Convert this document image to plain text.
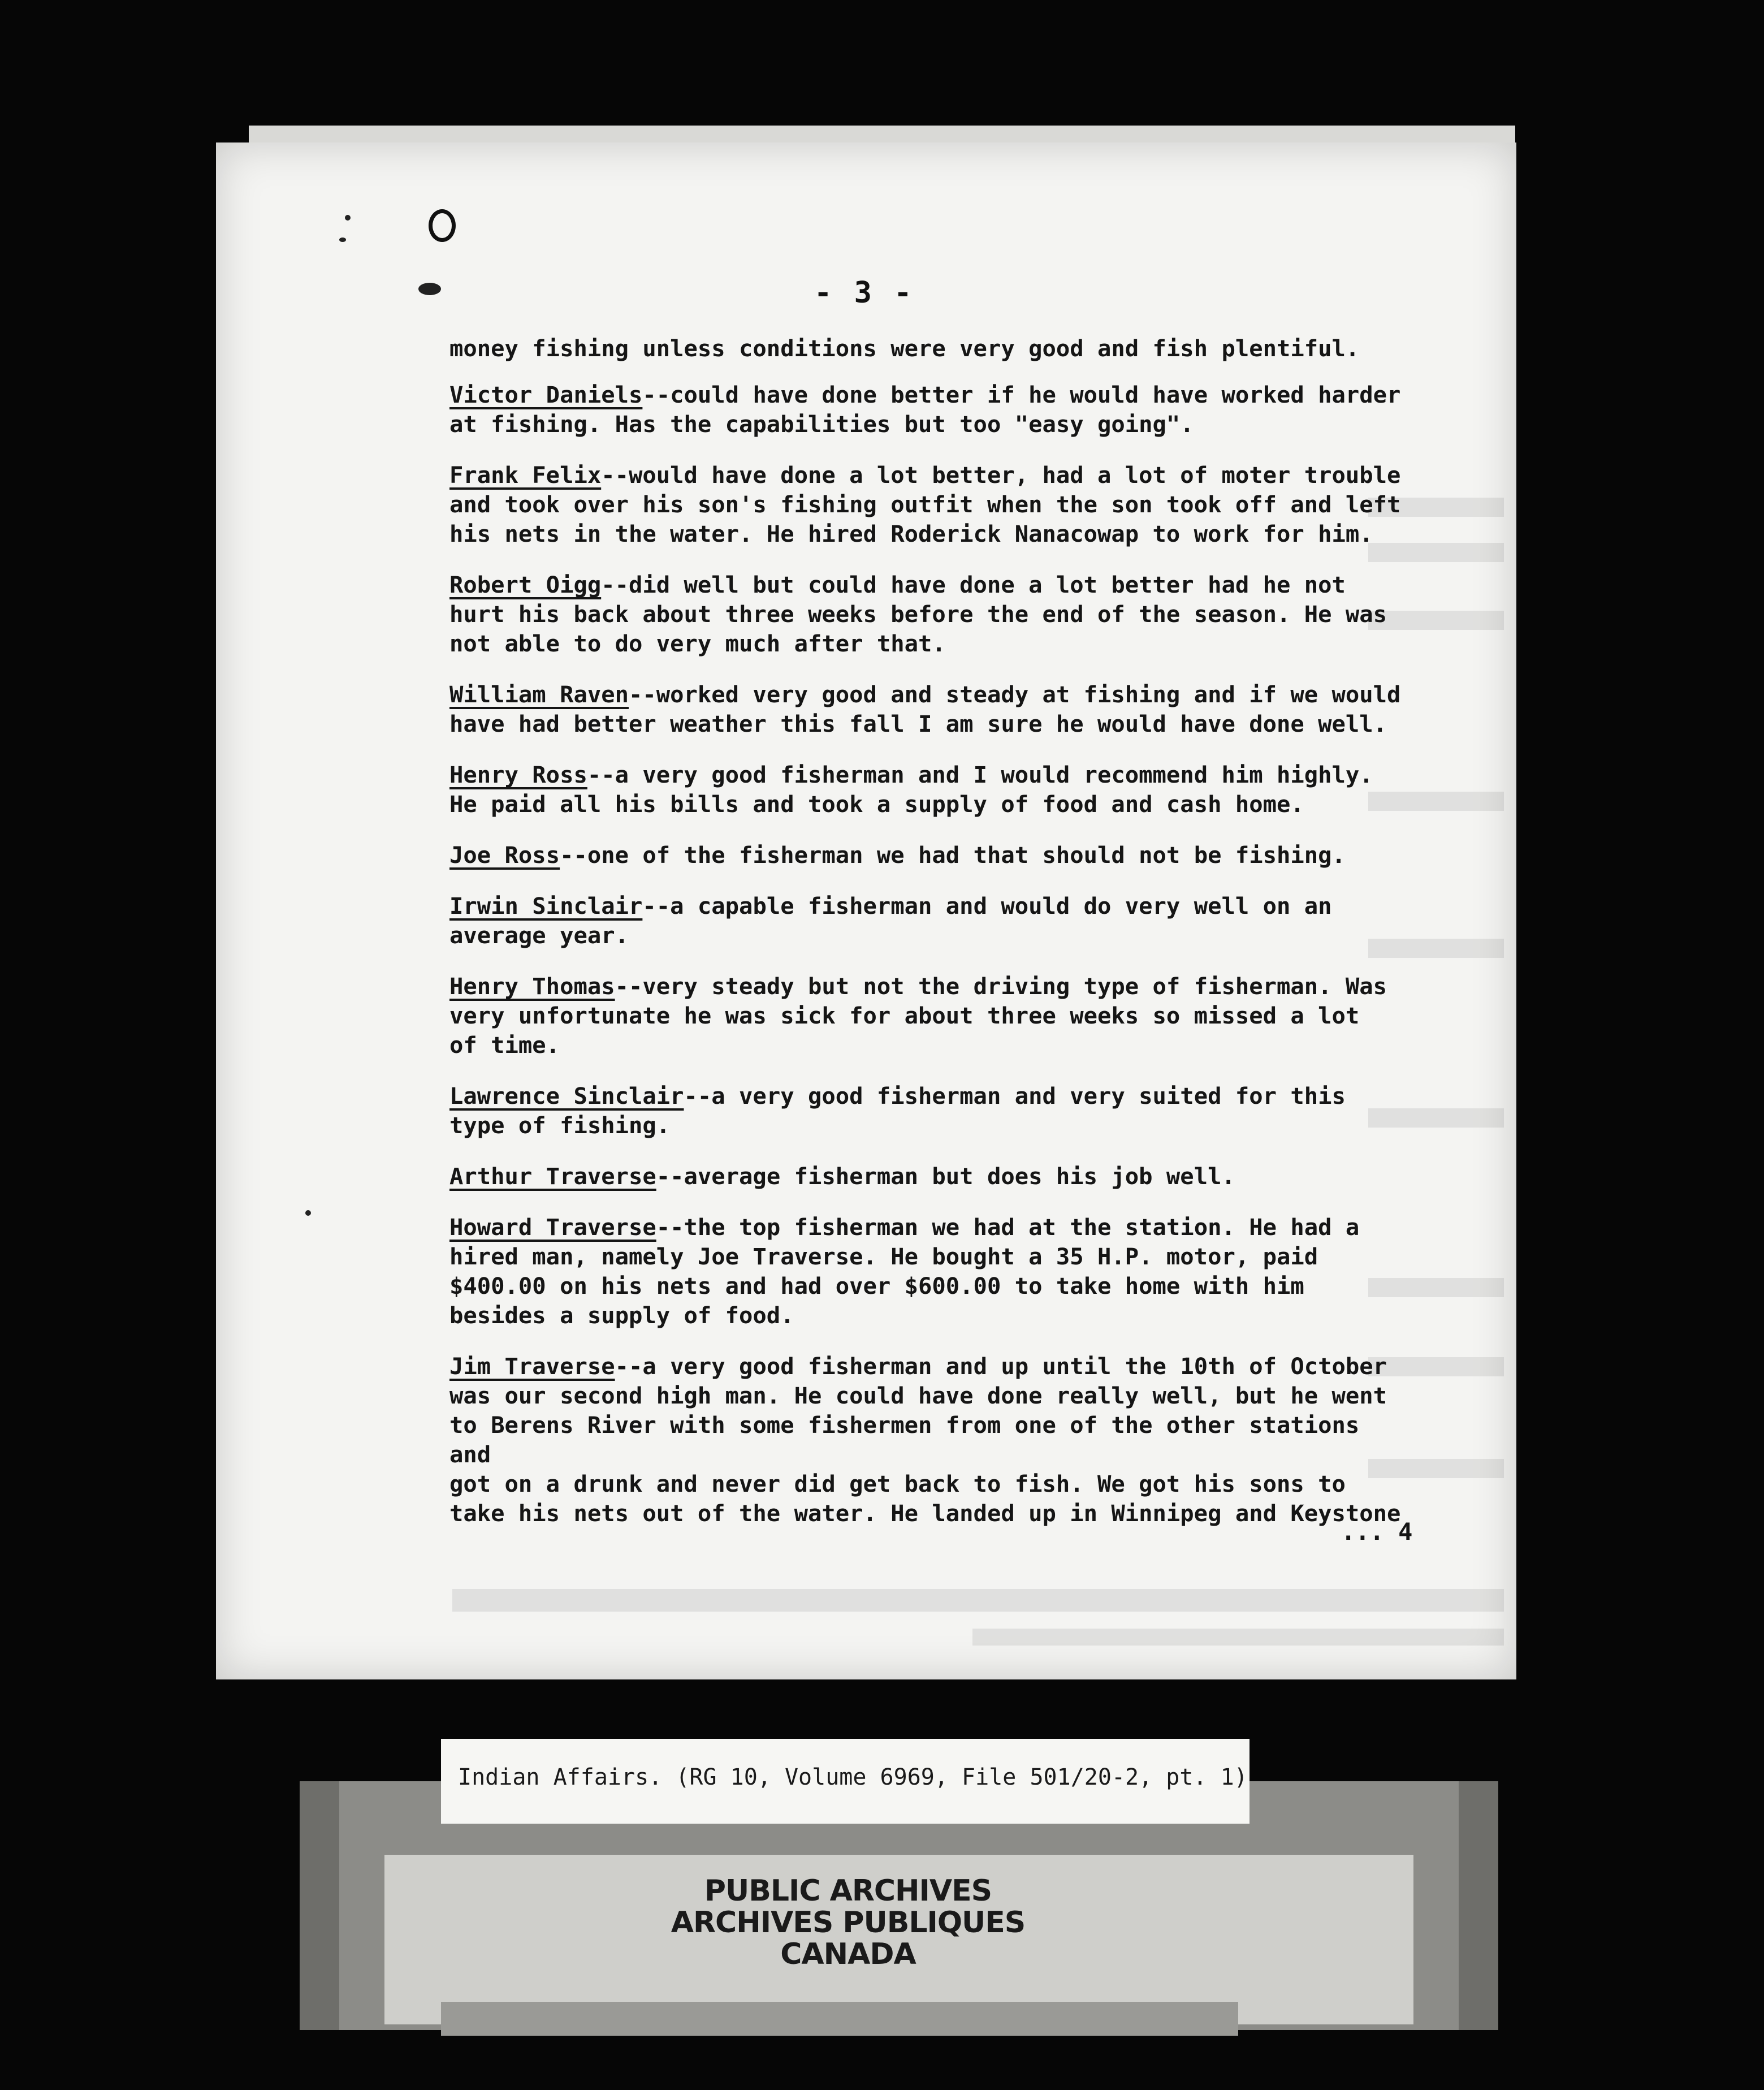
- 3 -
money fishing unless conditions were very good and fish plentiful.
Victor Daniels--could have done better if he would have worked harder
at fishing. Has the capabilities but too "easy going".
Frank Felix--would have done a lot better, had a lot of moter trouble
and took over his son's fishing outfit when the son took off and left
his nets in the water. He hired Roderick Nanacowap to work for him.
Robert Oigg--did well but could have done a lot better had he not
hurt his back about three weeks before the end of the season. He was
not able to do very much after that.
William Raven--worked very good and steady at fishing and if we would
have had better weather this fall I am sure he would have done well.
Henry Ross--a very good fisherman and I would recommend him highly.
He paid all his bills and took a supply of food and cash home.
Joe Ross--one of the fisherman we had that should not be fishing.
Irwin Sinclair--a capable fisherman and would do very well on an
average year.
Henry Thomas--very steady but not the driving type of fisherman. Was
very unfortunate he was sick for about three weeks so missed a lot
of time.
Lawrence Sinclair--a very good fisherman and very suited for this
type of fishing.
Arthur Traverse--average fisherman but does his job well.
Howard Traverse--the top fisherman we had at the station. He had a
hired man, namely Joe Traverse. He bought a 35 H.P. motor, paid
$400.00 on his nets and had over $600.00 to take home with him
besides a supply of food.
Jim Traverse--a very good fisherman and up until the 10th of October
was our second high man. He could have done really well, but he went
to Berens River with some fishermen from one of the other stations and
got on a drunk and never did get back to fish. We got his sons to
take his nets out of the water. He landed up in Winnipeg and Keystone
... 4
Indian Affairs. (RG 10, Volume 6969, File 501/20-2, pt. 1)
PUBLIC ARCHIVES
ARCHIVES PUBLIQUES
CANADA
